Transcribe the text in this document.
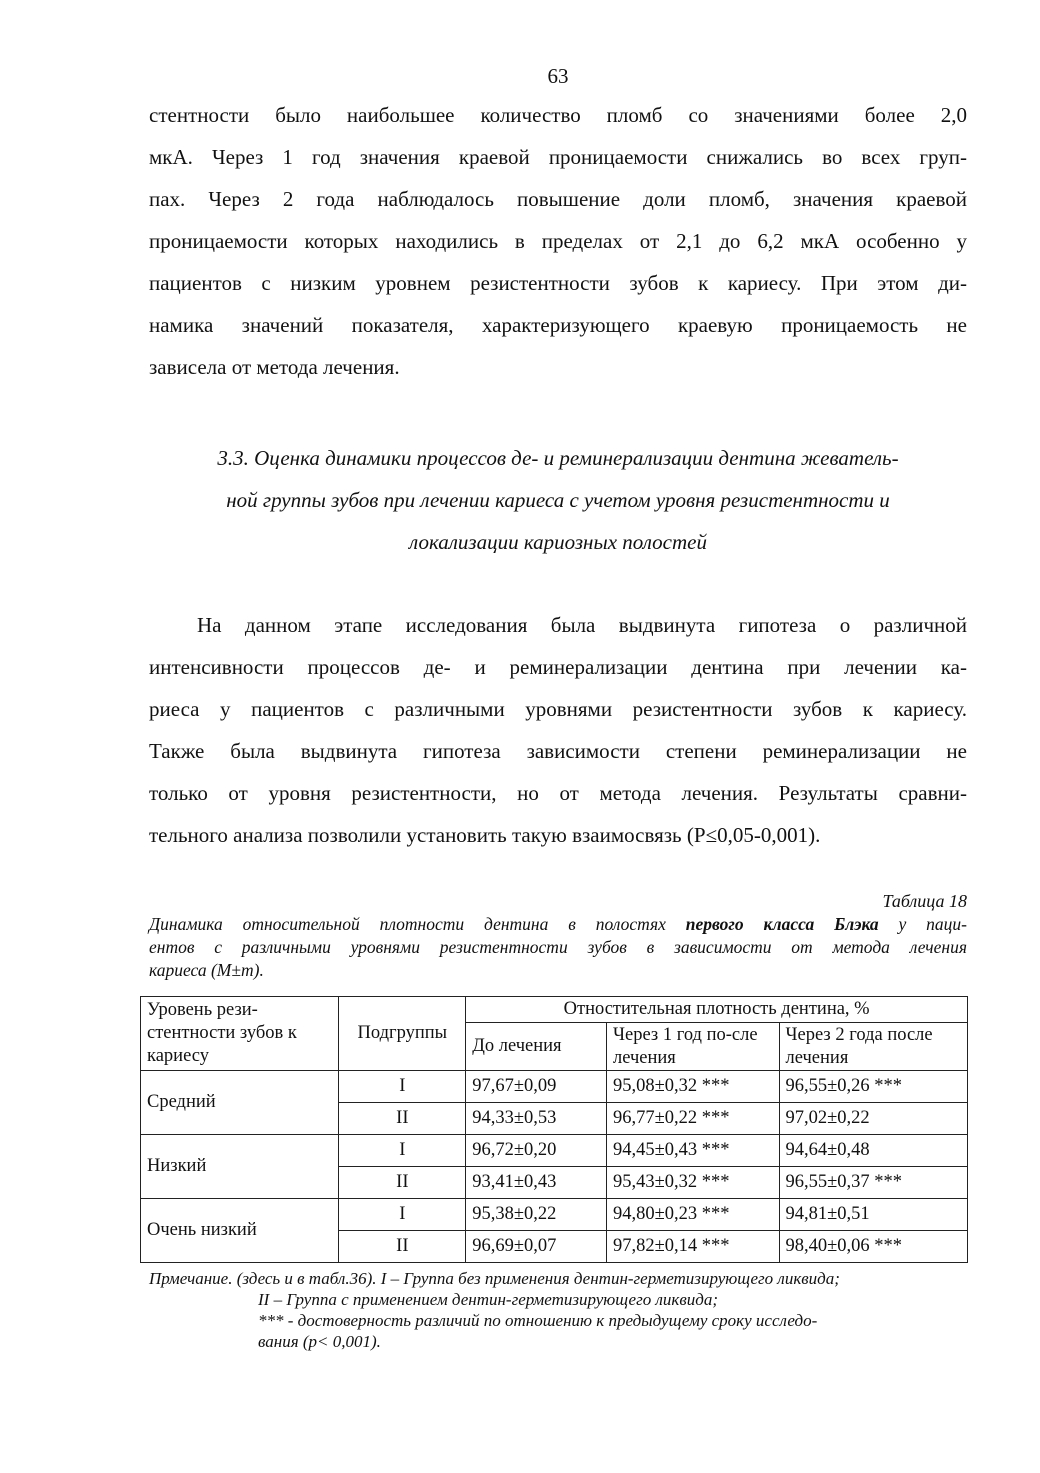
63
стентности было наибольшее количество пломб со значениями более 2,0
мкА. Через 1 год значения краевой проницаемости снижались во всех груп-
пах. Через 2 года наблюдалось повышение доли пломб, значения краевой
проницаемости которых находились в пределах от 2,1 до 6,2 мкА особенно у
пациентов с низким уровнем резистентности зубов к кариесу. При этом ди-
намика значений показателя, характеризующего краевую проницаемость не
зависела от метода лечения.
3.3. Оценка динамики процессов де- и реминерализации дентина жеватель-
ной группы зубов при лечении кариеса с учетом уровня резистентности и
локализации кариозных полостей
На данном этапе исследования была выдвинута гипотеза о различной
интенсивности процессов де- и реминерализации дентина при лечении ка-
риеса у пациентов с различными уровнями резистентности зубов к кариесу.
Также была выдвинута гипотеза зависимости степени реминерализации не
только от уровня резистентности, но от метода лечения. Результаты сравни-
тельного анализа позволили установить такую взаимосвязь (P≤0,05-0,001).
Таблица 18
Динамика относительной плотности дентина в полостях первого класса Блэка у паци-
ентов с различными уровнями резистентности зубов в зависимости от метода лечения
кариеса (M±m).
Уровень рези-стентности зубов к кариесу	Подгруппы	Отностительная плотность дентина, %		
		До лечения	Через 1 год по-сле лечения	Через 2 года после лечения
Средний	I	97,67±0,09	95,08±0,32 ***	96,55±0,26 ***
	II	94,33±0,53	96,77±0,22 ***	97,02±0,22
Низкий	I	96,72±0,20	94,45±0,43 ***	94,64±0,48
	II	93,41±0,43	95,43±0,32 ***	96,55±0,37 ***
Очень низкий	I	95,38±0,22	94,80±0,23 ***	94,81±0,51
	II	96,69±0,07	97,82±0,14 ***	98,40±0,06 ***
Прмечание. (здесь и в табл.36). I – Группа без применения дентин-герметизирующего ликвида;
II – Группа с применением дентин-герметизирующего ликвида;
*** - достоверность различий по отношению к предыдущему сроку исследо-
вания (p< 0,001).
